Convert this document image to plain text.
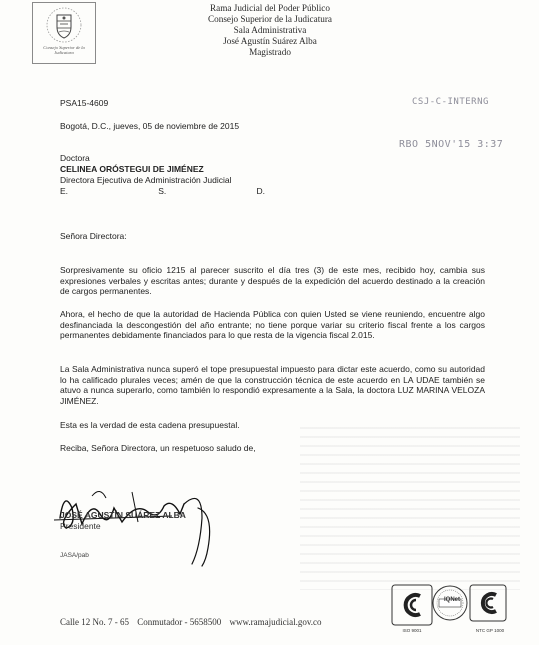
Consejo Superior de la Judicatura
Rama Judicial del Poder Público
Consejo Superior de la Judicatura
Sala Administrativa
José Agustín Suárez Alba
Magistrado
CSJ-C-INTERNG
RBO 5NOV'15 3:37
PSA15-4609
Bogotá, D.C., jueves, 05 de noviembre de 2015
Doctora
CELINEA ORÓSTEGUI DE JIMÉNEZ
Directora Ejecutiva de Administración Judicial
E.	S.	D.
Señora Directora:
Sorpresivamente su oficio 1215 al parecer suscrito el día tres (3) de este mes, recibido hoy, cambia sus expresiones verbales y escritas antes; durante y después de la expedición del acuerdo destinado a la creación de cargos permanentes.
Ahora, el hecho de que la autoridad de Hacienda Pública con quien Usted se viene reuniendo, encuentre algo desfinanciada la descongestión del año entrante; no tiene porque variar su criterio fiscal frente a los cargos permanentes debidamente financiados para lo que resta de la vigencia fiscal 2.015.
La Sala Administrativa nunca superó el tope presupuestal impuesto para dictar este acuerdo, como su autoridad lo ha calificado plurales veces; amén de que la construcción técnica de este acuerdo en LA UDAE también se atuvo a nunca superarlo, como también lo respondió expresamente a la Sala, la doctora LUZ MARINA VELOZA JIMÉNEZ.
Esta es la verdad de esta cadena presupuestal.
Reciba, Señora Directora, un respetuoso saludo de,
JOSÉ AGUSTÍN SUÁREZ ALBA
Presidente
JASA/pab
Calle 12 No. 7 - 65 Conmutador - 5658500 www.ramajudicial.gov.co
ISO 9001
IQNet
NTC GP 1000
